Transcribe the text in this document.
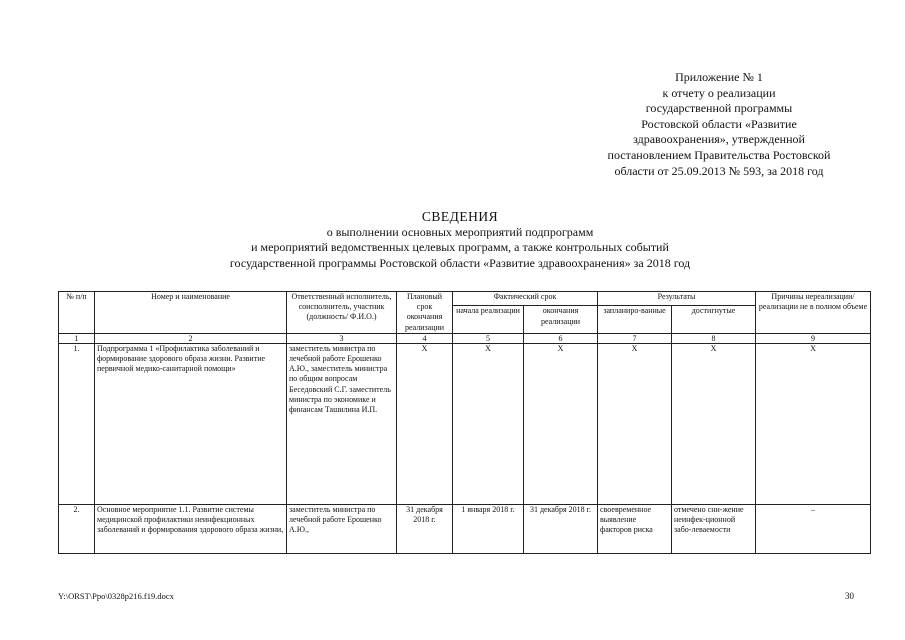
Приложение № 1
к отчету о реализации
государственной программы
Ростовской области «Развитие
здравоохранения», утвержденной
постановлением Правительства Ростовской
области от 25.09.2013 № 593, за 2018 год
СВЕДЕНИЯ
о выполнении основных мероприятий подпрограмм
и мероприятий ведомственных целевых программ, а также контрольных событий
государственной программы Ростовской области «Развитие здравоохранения» за 2018 год
№ п/п	Номер и наименование	Ответственный исполнитель, соисполнитель, участник (должность/ Ф.И.О.)	Плановый срок окончания реализации	Фактический срок		Результаты		Причины нереализации/ реализации не в полном объеме
				начала реализации	окончания реализации	запланиро-ванные	достигнутые	
1	2	3	4	5	6	7	8	9
1.	Подпрограмма 1 «Профилактика заболеваний и формирование здорового образа жизни. Развитие первичной медико-санитарной помощи»	заместитель министра по лечебной работе Ерошенко А.Ю., заместитель министра по общим вопросам Беседовский С.Г. заместитель министра по экономике и финансам Ташилина И.П.	Х	Х	Х	Х	Х	Х
2.	Основное мероприятие 1.1. Развитие системы медицинской профилактики неинфекционных заболеваний и формирования здорового образа жизни,	заместитель министра по лечебной работе Ерошенко А.Ю.,	31 декабря 2018 г.	1 января 2018 г.	31 декабря 2018 г.	своевременное выявление факторов риска	отмечено сни-жение неинфек-ционной забо-леваемости	–
Y:\ORST\Ppo\0328p216.f19.docx	30
